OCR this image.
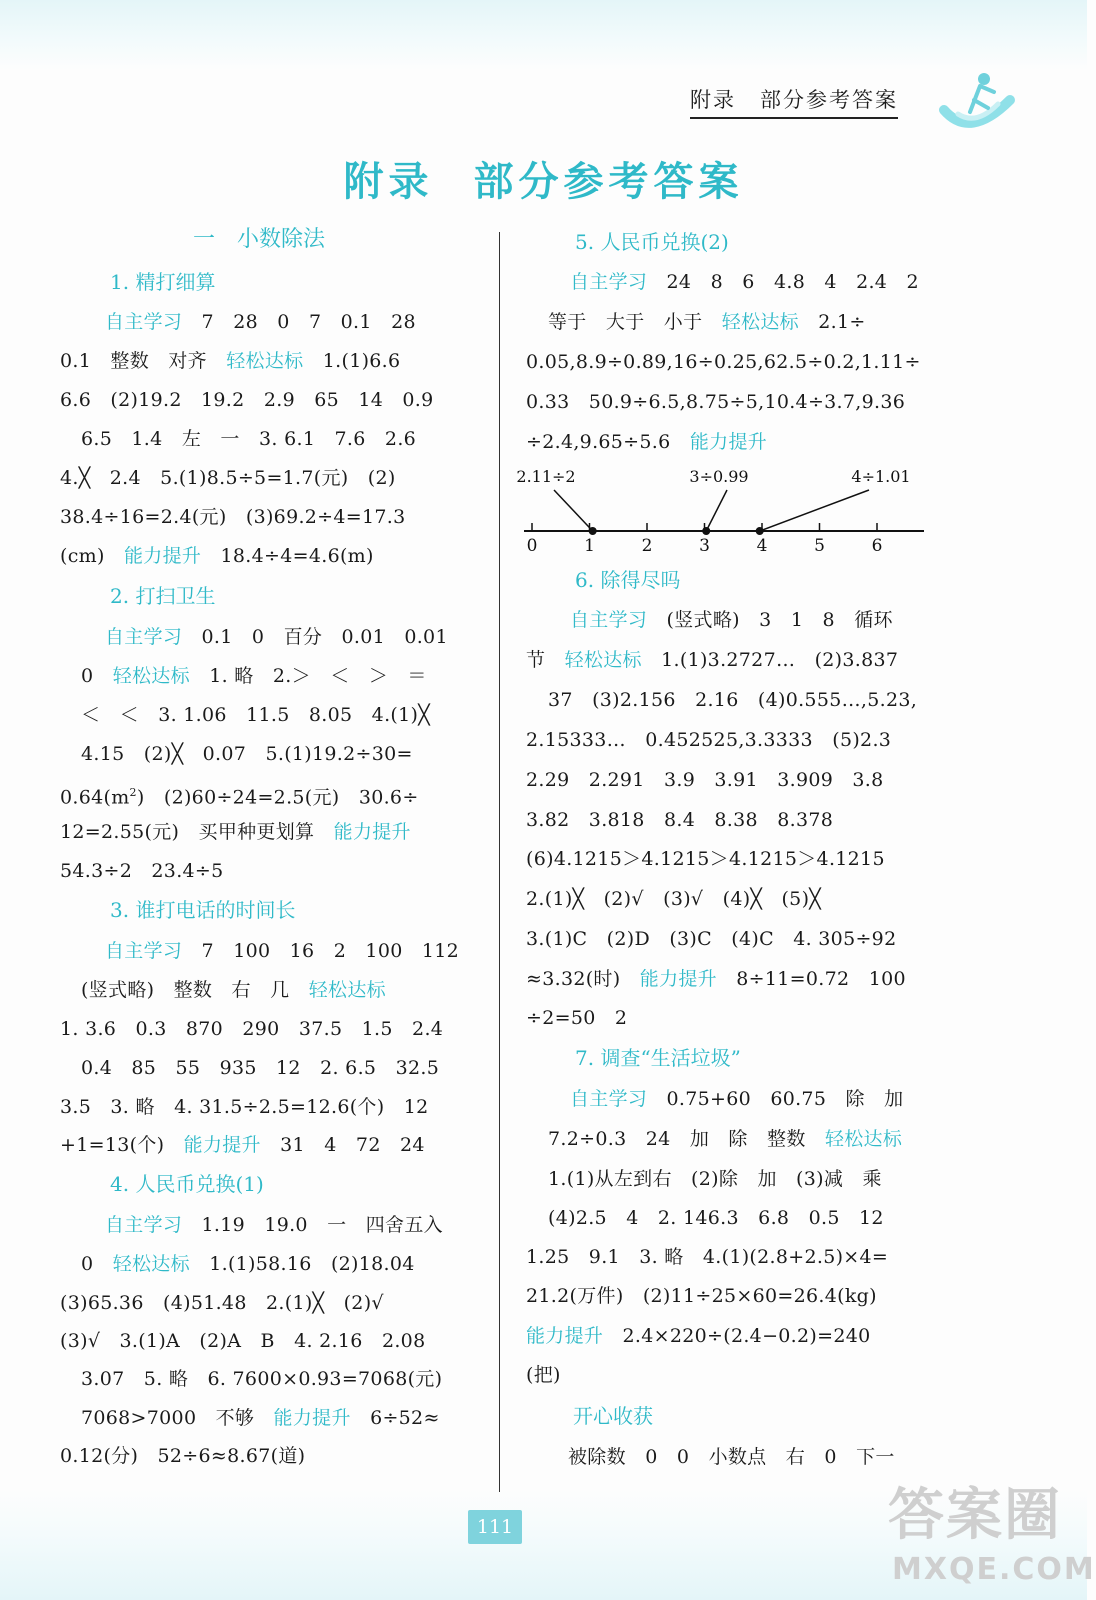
附录 部分参考答案
附录 部分参考答案
一　小数除法
1. 精打细算
自主学习　 7　28　0　7　0.1　28
0.1　整数　对齐　 轻松达标　 1.(1)6.6
6.6　(2)19.2　19.2　2.9　65　14　0.9
6.5　1.4　左　一　3. 6.1　7.6　2.6
4.╳　2.4　5.(1)8.5÷5=1.7(元)　(2)
38.4÷16=2.4(元)　(3)69.2÷4=17.3
(cm)　 能力提升　 18.4÷4=4.6(m)
2. 打扫卫生
自主学习　 0.1　0　百分　0.01　0.01
0　 轻松达标　 1. 略　2.＞　＜　＞　＝
＜　＜　3. 1.06　11.5　8.05　4.(1)╳
4.15　(2)╳　0.07　5.(1)19.2÷30=
$0.64(m^2)$　(2)60÷24=2.5(元)　30.6÷
12=2.55(元)　买甲种更划算　 能力提升
54.3÷2　23.4÷5
3. 谁打电话的时间长
自主学习　 7　100　16　2　100　112
(竖式略)　整数　右　几　 轻松达标
1. 3.6　0.3　870　290　37.5　1.5　2.4
0.4　85　55　935　12　2. 6.5　32.5
3.5　3. 略　4. 31.5÷2.5=12.6(个)　12
+1=13(个)　 能力提升　 31　4　72　24
4. 人民币兑换(1)
自主学习　 1.19　19.0　一　四舍五入
0　 轻松达标　 1.(1)58.16　(2)18.04
(3)65.36　(4)51.48　2.(1)╳　(2)√
(3)√　3.(1)A　(2)A　B　4. 2.16　2.08
3.07　5. 略　6. 7600×0.93=7068(元)
7068>7000　不够　 能力提升　 6÷52≈
0.12(分)　52÷6≈8.67(道)
5. 人民币兑换(2)
自主学习　 24　8　6　4.8　4　2.4　2
等于　大于　小于　 轻松达标　 2.1÷
0.05,8.9÷0.89,16÷0.25,62.5÷0.2,1.11÷
0.33　50.9÷6.5,8.75÷5,10.4÷3.7,9.36
÷2.4,9.65÷5.6　 能力提升
0	1	2	3	4	5	6
2.11÷2	3÷0.99	4÷1.01
6. 除得尽吗
自主学习　 (竖式略)　3　1　8　循环
节　 轻松达标　 1.(1)3.2727…　(2)3.837
37　(3)2.156　2.16　(4)0.555…,5.23,
2.15333…　0.452525,3.3333　(5)2.3
2.29　2.291　3.9　3.91　3.909　3.8
3.82　3.818　8.4　8.38　8.378
(6)4.1215＞4.1215＞4.1215＞4.1215
2.(1)╳　(2)√　(3)√　(4)╳　(5)╳
3.(1)C　(2)D　(3)C　(4)C　4. 305÷92
≈3.32(时)　 能力提升　 8÷11=0.72　100
÷2=50　2
7. 调查“生活垃圾”
自主学习　 0.75+60　60.75　除　加
7.2÷0.3　24　加　除　整数　 轻松达标
1.(1)从左到右　(2)除　加　(3)减　乘
(4)2.5　4　2. 146.3　6.8　0.5　12
1.25　9.1　3. 略　4.(1)(2.8+2.5)×4=
21.2(万件)　(2)11÷25×60=26.4(kg)
能力提升　 2.4×220÷(2.4−0.2)=240
(把)
开心收获
被除数　0　0　小数点　右　0　下一
111	答案圈
MXQE.COM
